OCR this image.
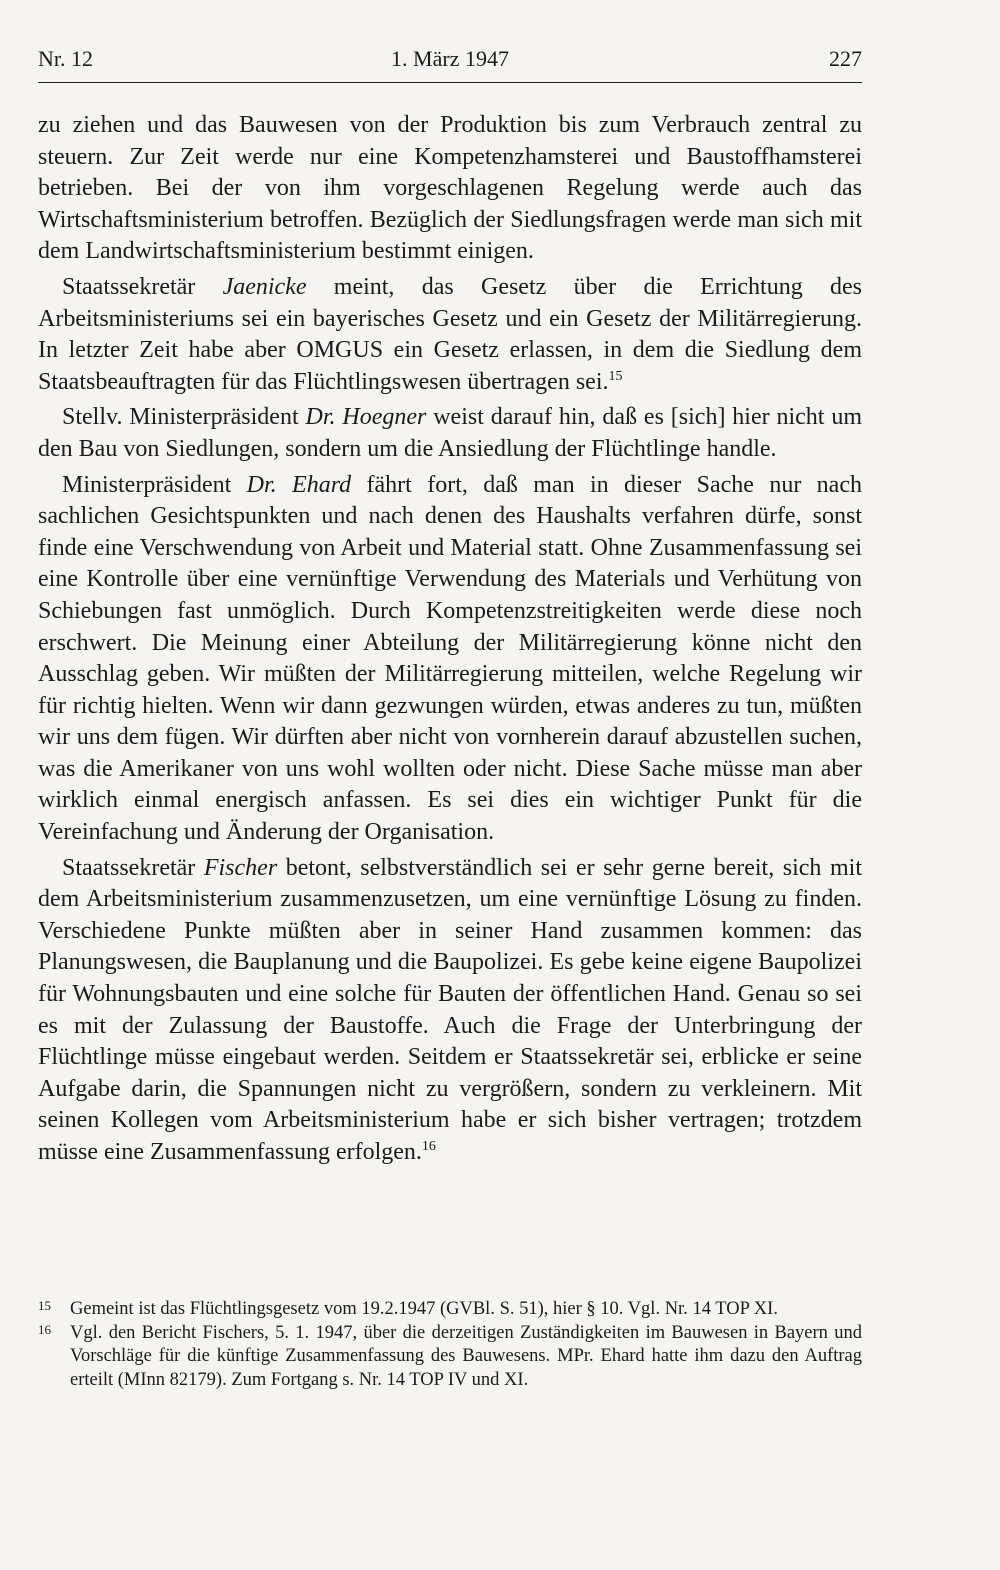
Nr. 12	1. März 1947	227

zu ziehen und das Bauwesen von der Produktion bis zum Verbrauch zentral zu steuern. Zur Zeit werde nur eine Kompetenzhamsterei und Baustoffhamsterei betrieben. Bei der von ihm vorgeschlagenen Regelung werde auch das Wirtschaftsministerium betroffen. Bezüglich der Siedlungsfragen werde man sich mit dem Landwirtschaftsministerium bestimmt einigen.

Staatssekretär Jaenicke meint, das Gesetz über die Errichtung des Arbeitsministeriums sei ein bayerisches Gesetz und ein Gesetz der Militärregierung. In letzter Zeit habe aber OMGUS ein Gesetz erlassen, in dem die Siedlung dem Staatsbeauftragten für das Flüchtlingswesen übertragen sei.$^{15}$

Stellv. Ministerpräsident Dr. Hoegner weist darauf hin, daß es [sich] hier nicht um den Bau von Siedlungen, sondern um die Ansiedlung der Flüchtlinge handle.

Ministerpräsident Dr. Ehard fährt fort, daß man in dieser Sache nur nach sachlichen Gesichtspunkten und nach denen des Haushalts verfahren dürfe, sonst finde eine Verschwendung von Arbeit und Material statt. Ohne Zusammenfassung sei eine Kontrolle über eine vernünftige Verwendung des Materials und Verhütung von Schiebungen fast unmöglich. Durch Kompetenzstreitigkeiten werde diese noch erschwert. Die Meinung einer Abteilung der Militärregierung könne nicht den Ausschlag geben. Wir müßten der Militärregierung mitteilen, welche Regelung wir für richtig hielten. Wenn wir dann gezwungen würden, etwas anderes zu tun, müßten wir uns dem fügen. Wir dürften aber nicht von vornherein darauf abzustellen suchen, was die Amerikaner von uns wohl wollten oder nicht. Diese Sache müsse man aber wirklich einmal energisch anfassen. Es sei dies ein wichtiger Punkt für die Vereinfachung und Änderung der Organisation.

Staatssekretär Fischer betont, selbstverständlich sei er sehr gerne bereit, sich mit dem Arbeitsministerium zusammenzusetzen, um eine vernünftige Lösung zu finden. Verschiedene Punkte müßten aber in seiner Hand zusammen kommen: das Planungswesen, die Bauplanung und die Baupolizei. Es gebe keine eigene Baupolizei für Wohnungsbauten und eine solche für Bauten der öffentlichen Hand. Genau so sei es mit der Zulassung der Baustoffe. Auch die Frage der Unterbringung der Flüchtlinge müsse eingebaut werden. Seitdem er Staatssekretär sei, erblicke er seine Aufgabe darin, die Spannungen nicht zu vergrößern, sondern zu verkleinern. Mit seinen Kollegen vom Arbeitsministerium habe er sich bisher vertragen; trotzdem müsse eine Zusammenfassung erfolgen.$^{16}$

15 Gemeint ist das Flüchtlingsgesetz vom 19.2.1947 (GVBl. S. 51), hier § 10. Vgl. Nr. 14 TOP XI.
16 Vgl. den Bericht Fischers, 5. 1. 1947, über die derzeitigen Zuständigkeiten im Bauwesen in Bayern und Vorschläge für die künftige Zusammenfassung des Bauwesens. MPr. Ehard hatte ihm dazu den Auftrag erteilt (MInn 82179). Zum Fortgang s. Nr. 14 TOP IV und XI.
